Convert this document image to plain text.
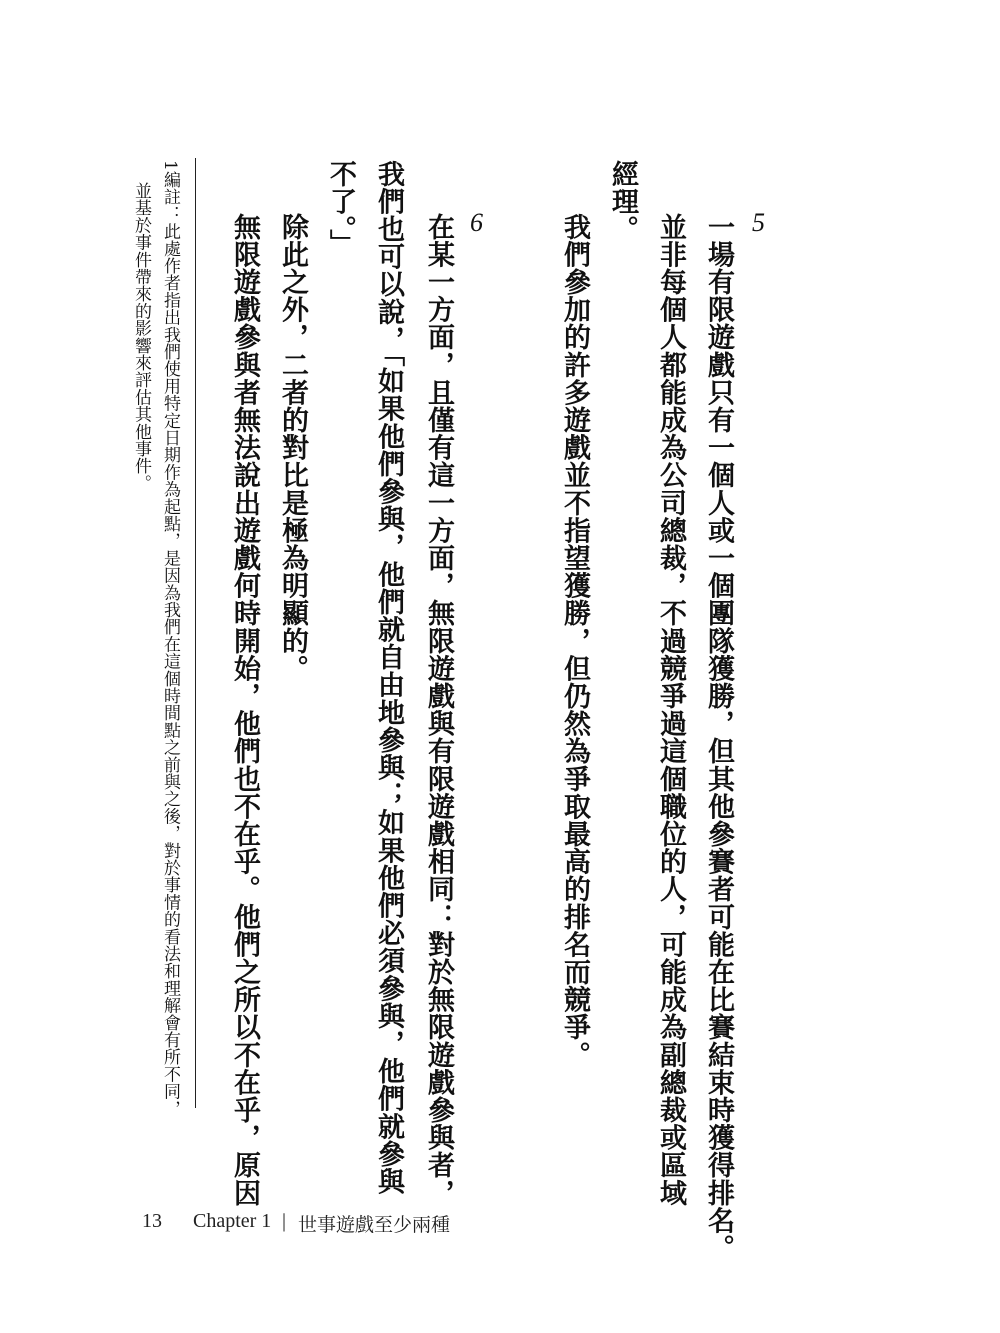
5
一場有限遊戲只有一個人或一個團隊獲勝，但其他參賽者可能在比賽結束時獲得排名。
並非每個人都能成為公司總裁，不過競爭過這個職位的人，可能成為副總裁或區域
經理。
我們參加的許多遊戲並不指望獲勝，但仍然為爭取最高的排名而競爭。
6
在某一方面，且僅有這一方面，無限遊戲與有限遊戲相同：對於無限遊戲參與者，
我們也可以說，「如果他們參與，他們就自由地參與；如果他們必須參與，他們就參與
不了。」
除此之外，二者的對比是極為明顯的。
無限遊戲參與者無法說出遊戲何時開始，他們也不在乎。他們之所以不在乎，原因
1編註：此處作者指出我們使用特定日期作為起點，是因為我們在這個時間點之前與之後，對於事情的看法和理解會有所不同，
並基於事件帶來的影響來評估其他事件。
13 Chapter 1 | 世事遊戲至少兩種
